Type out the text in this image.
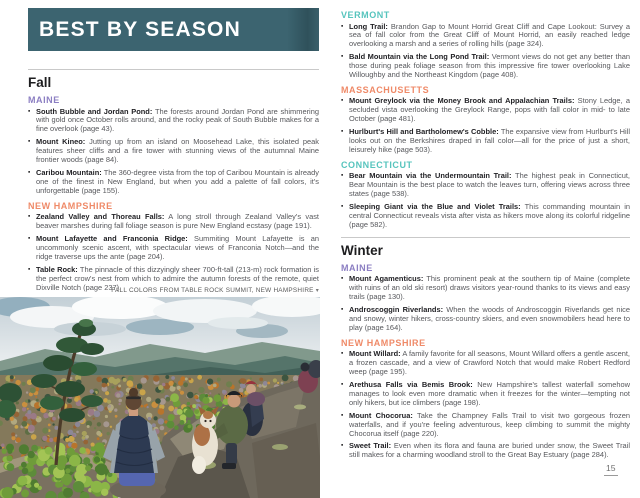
BEST BY SEASON
Fall
MAINE
▪ South Bubble and Jordan Pond: The forests around Jordan Pond are shimmering with gold once October rolls around, and the rocky peak of South Bubble makes for a fine overlook (page 43).
▪ Mount Kineo: Jutting up from an island on Moosehead Lake, this isolated peak features sheer cliffs and a fire tower with stunning views of the autumnal Maine frontier woods (page 84).
▪ Caribou Mountain: The 360-degree vista from the top of Caribou Mountain is already one of the finest in New England, but when you add a palette of fall colors, it's unforgettable (page 155).
NEW HAMPSHIRE
▪ Zealand Valley and Thoreau Falls: A long stroll through Zealand Valley's vast beaver marshes during fall foliage season is pure New England ecstasy (page 191).
▪ Mount Lafayette and Franconia Ridge: Summiting Mount Lafayette is an uncommonly scenic ascent, with spectacular views of Franconia Notch—and the ridge traverse ups the ante (page 204).
▪ Table Rock: The pinnacle of this dizzyingly sheer 700-ft-tall (213-m) rock formation is the perfect crow's nest from which to admire the autumn forests of the remote, quiet Dixville Notch (page 237).
FALL COLORS FROM TABLE ROCK SUMMIT, NEW HAMPSHIRE ▾
VERMONT
▪ Long Trail: Brandon Gap to Mount Horrid Great Cliff and Cape Lookout: Survey a sea of fall color from the Great Cliff of Mount Horrid, an easily reached ledge overlooking a marsh and a series of rolling hills (page 324).
▪ Bald Mountain via the Long Pond Trail: Vermont views do not get any better than those during peak foliage season from this impressive fire tower overlooking Lake Willoughby and the Northeast Kingdom (page 408).
MASSACHUSETTS
▪ Mount Greylock via the Money Brook and Appalachian Trails: Stony Ledge, a secluded vista overlooking the Greylock Range, pops with fall color in mid- to late October (page 481).
▪ Hurlburt's Hill and Bartholomew's Cobble: The expansive view from Hurlburt's Hill looks out on the Berkshires draped in fall color—all for the price of just a short, leisurely hike (page 503).
CONNECTICUT
▪ Bear Mountain via the Undermountain Trail: The highest peak in Connecticut, Bear Mountain is the best place to watch the leaves turn, offering views across three states (page 538).
▪ Sleeping Giant via the Blue and Violet Trails: This commanding mountain in central Connecticut reveals vista after vista as hikers move along its colorful ridgeline (page 582).
Winter
MAINE
▪ Mount Agamenticus: This prominent peak at the southern tip of Maine (complete with ruins of an old ski resort) draws visitors year-round thanks to its views and easy trails (page 130).
▪ Androscoggin Riverlands: When the woods of Androscoggin Riverlands get nice and snowy, winter hikers, cross-country skiers, and even snowmobilers head here to play (page 164).
NEW HAMPSHIRE
▪ Mount Willard: A family favorite for all seasons, Mount Willard offers a gentle ascent, a frozen cascade, and a view of Crawford Notch that would make Robert Redford weep (page 195).
▪ Arethusa Falls via Bemis Brook: New Hampshire's tallest waterfall somehow manages to look even more dramatic when it freezes for the winter—tempting not only hikers, but ice climbers (page 198).
▪ Mount Chocorua: Take the Champney Falls Trail to visit two gorgeous frozen waterfalls, and if you're feeling adventurous, keep climbing to summit the mighty Chocorua itself (page 220).
▪ Sweet Trail: Even when its flora and fauna are buried under snow, the Sweet Trail still makes for a charming woodland stroll to the Great Bay Estuary (page 284).
15
